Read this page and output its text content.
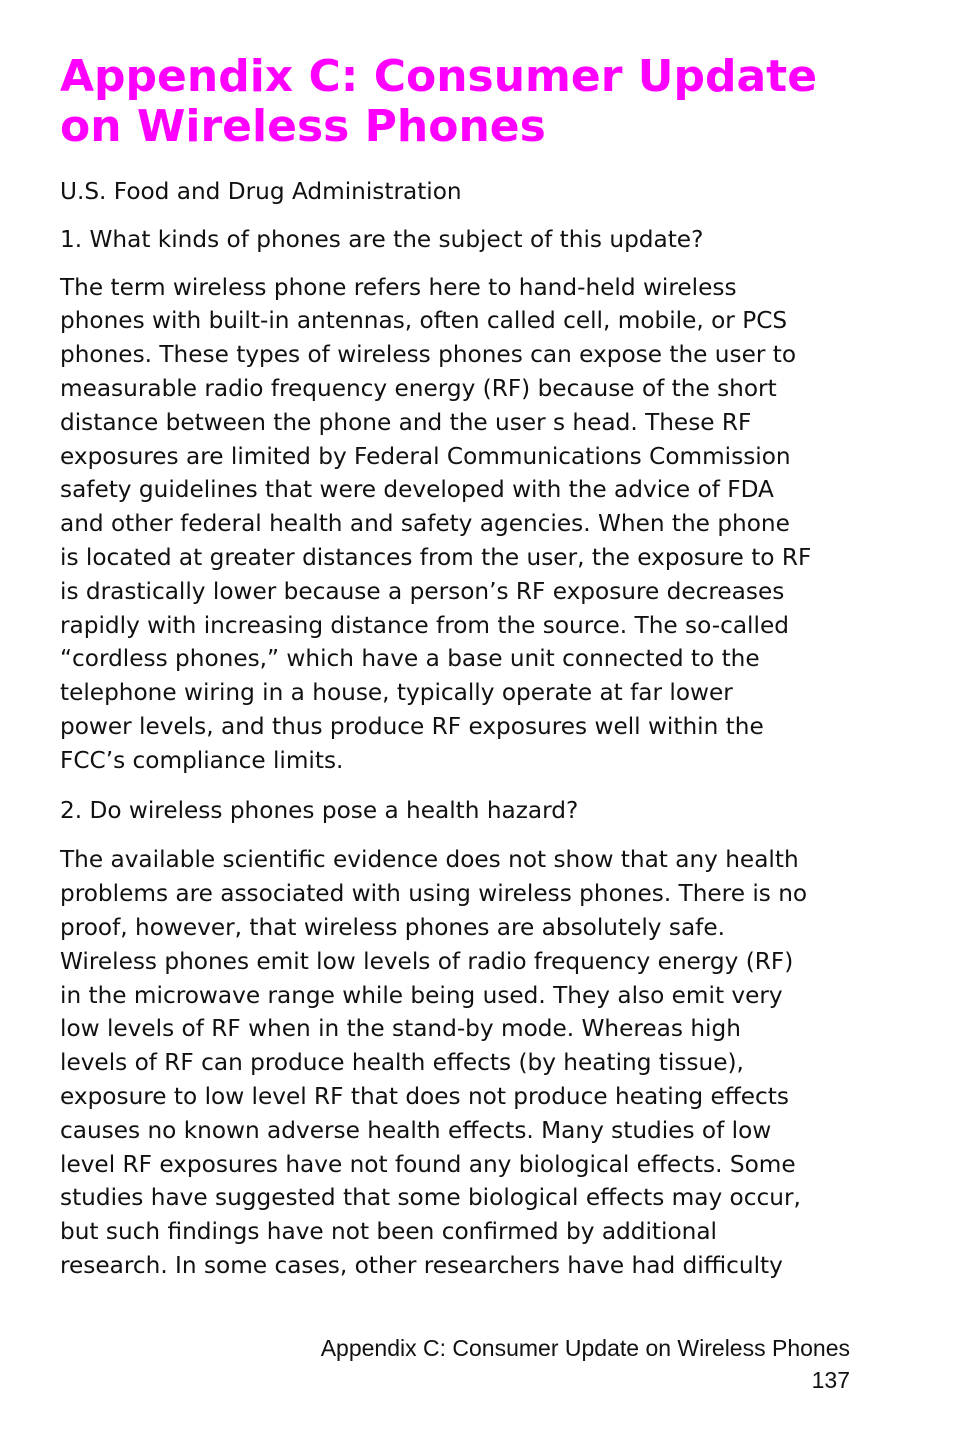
Appendix C: Consumer Update
on Wireless Phones

U.S. Food and Drug Administration

1. What kinds of phones are the subject of this update?

The term wireless phone refers here to hand-held wireless
phones with built-in antennas, often called cell, mobile, or PCS
phones. These types of wireless phones can expose the user to
measurable radio frequency energy (RF) because of the short
distance between the phone and the user s head. These RF
exposures are limited by Federal Communications Commission
safety guidelines that were developed with the advice of FDA
and other federal health and safety agencies. When the phone
is located at greater distances from the user, the exposure to RF
is drastically lower because a person’s RF exposure decreases
rapidly with increasing distance from the source. The so-called
“cordless phones,” which have a base unit connected to the
telephone wiring in a house, typically operate at far lower
power levels, and thus produce RF exposures well within the
FCC’s compliance limits.

2. Do wireless phones pose a health hazard?

The available scientific evidence does not show that any health
problems are associated with using wireless phones. There is no
proof, however, that wireless phones are absolutely safe.
Wireless phones emit low levels of radio frequency energy (RF)
in the microwave range while being used. They also emit very
low levels of RF when in the stand-by mode. Whereas high
levels of RF can produce health effects (by heating tissue),
exposure to low level RF that does not produce heating effects
causes no known adverse health effects. Many studies of low
level RF exposures have not found any biological effects. Some
studies have suggested that some biological effects may occur,
but such findings have not been confirmed by additional
research. In some cases, other researchers have had difficulty

Appendix C: Consumer Update on Wireless Phones
137
